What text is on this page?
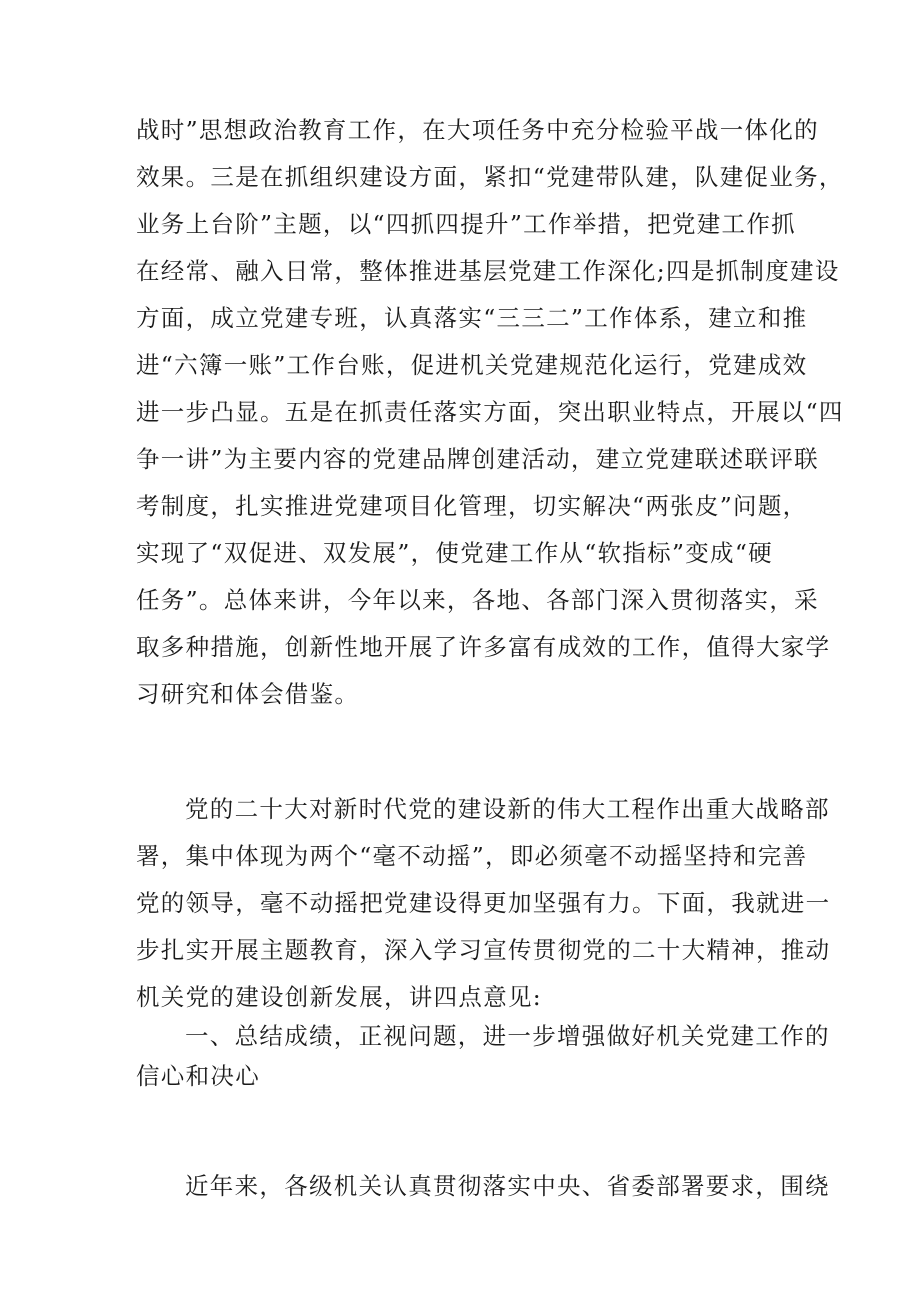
战时”思想政治教育工作，在大项任务中充分检验平战一体化的
效果。三是在抓组织建设方面，紧扣“党建带队建，队建促业务，
业务上台阶”主题，以“四抓四提升”工作举措，把党建工作抓
在经常、融入日常，整体推进基层党建工作深化;四是抓制度建设
方面，成立党建专班，认真落实“三三二”工作体系，建立和推
进“六簿一账”工作台账，促进机关党建规范化运行，党建成效
进一步凸显。五是在抓责任落实方面，突出职业特点，开展以“四
争一讲”为主要内容的党建品牌创建活动，建立党建联述联评联
考制度，扎实推进党建项目化管理，切实解决“两张皮”问题，
实现了“双促进、双发展”，使党建工作从“软指标”变成“硬
任务”。总体来讲，今年以来，各地、各部门深入贯彻落实，采
取多种措施，创新性地开展了许多富有成效的工作，值得大家学
习研究和体会借鉴。
党的二十大对新时代党的建设新的伟大工程作出重大战略部
署，集中体现为两个“毫不动摇”，即必须毫不动摇坚持和完善
党的领导，毫不动摇把党建设得更加坚强有力。下面，我就进一
步扎实开展主题教育，深入学习宣传贯彻党的二十大精神，推动
机关党的建设创新发展，讲四点意见:
一、总结成绩，正视问题，进一步增强做好机关党建工作的
信心和决心
近年来，各级机关认真贯彻落实中央、省委部署要求，围绕
